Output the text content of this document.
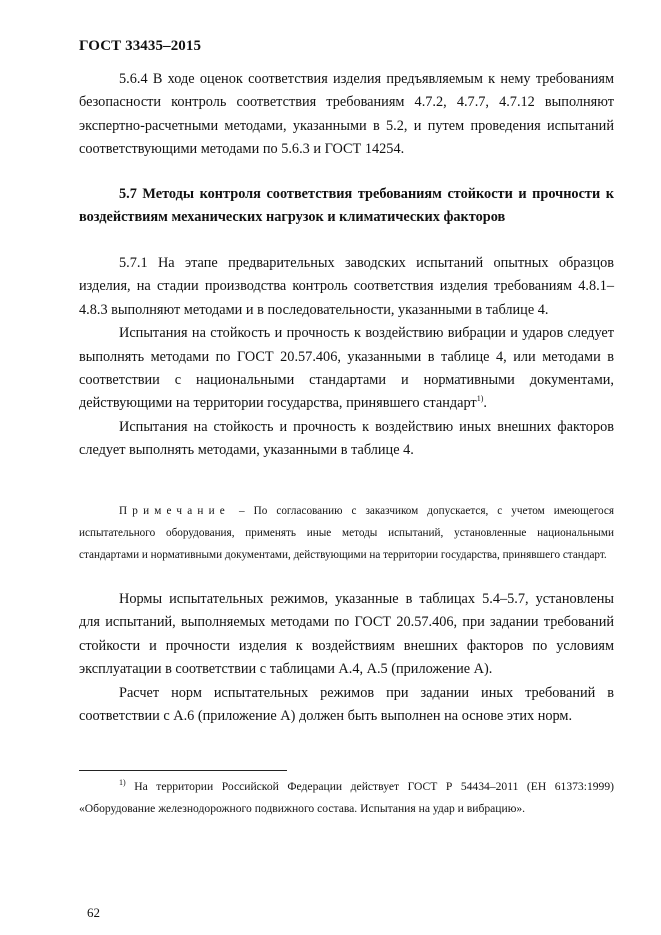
ГОСТ 33435–2015

5.6.4 В ходе оценок соответствия изделия предъявляемым к нему требованиям безопасности контроль соответствия требованиям 4.7.2, 4.7.7, 4.7.12 выполняют экспертно-расчетными методами, указанными в 5.2, и путем проведения испытаний соответствующими методами по 5.6.3 и ГОСТ 14254.

5.7 Методы контроля соответствия требованиям стойкости и прочности к воздействиям механических нагрузок и климатических факторов

5.7.1 На этапе предварительных заводских испытаний опытных образцов изделия, на стадии производства контроль соответствия изделия требованиям 4.8.1–4.8.3 выполняют методами и в последовательности, указанными в таблице 4.

Испытания на стойкость и прочность к воздействию вибрации и ударов следует выполнять методами по ГОСТ 20.57.406, указанными в таблице 4, или методами в соответствии с национальными стандартами и нормативными документами, действующими на территории государства, принявшего стандарт$^{1)}$.

Испытания на стойкость и прочность к воздействию иных внешних факторов следует выполнять методами, указанными в таблице 4.

Примечание – По согласованию с заказчиком допускается, с учетом имеющегося испытательного оборудования, применять иные методы испытаний, установленные национальными стандартами и нормативными документами, действующими на территории государства, принявшего стандарт.

Нормы испытательных режимов, указанные в таблицах 5.4–5.7, установлены для испытаний, выполняемых методами по ГОСТ 20.57.406, при задании требований стойкости и прочности изделия к воздействиям внешних факторов по условиям эксплуатации в соответствии с таблицами А.4, А.5 (приложение А).

Расчет норм испытательных режимов при задании иных требований в соответствии с А.6 (приложение А) должен быть выполнен на основе этих норм.

$^{1)}$ На территории Российской Федерации действует ГОСТ Р 54434–2011 (ЕН 61373:1999) «Оборудование железнодорожного подвижного состава. Испытания на удар и вибрацию».

62
